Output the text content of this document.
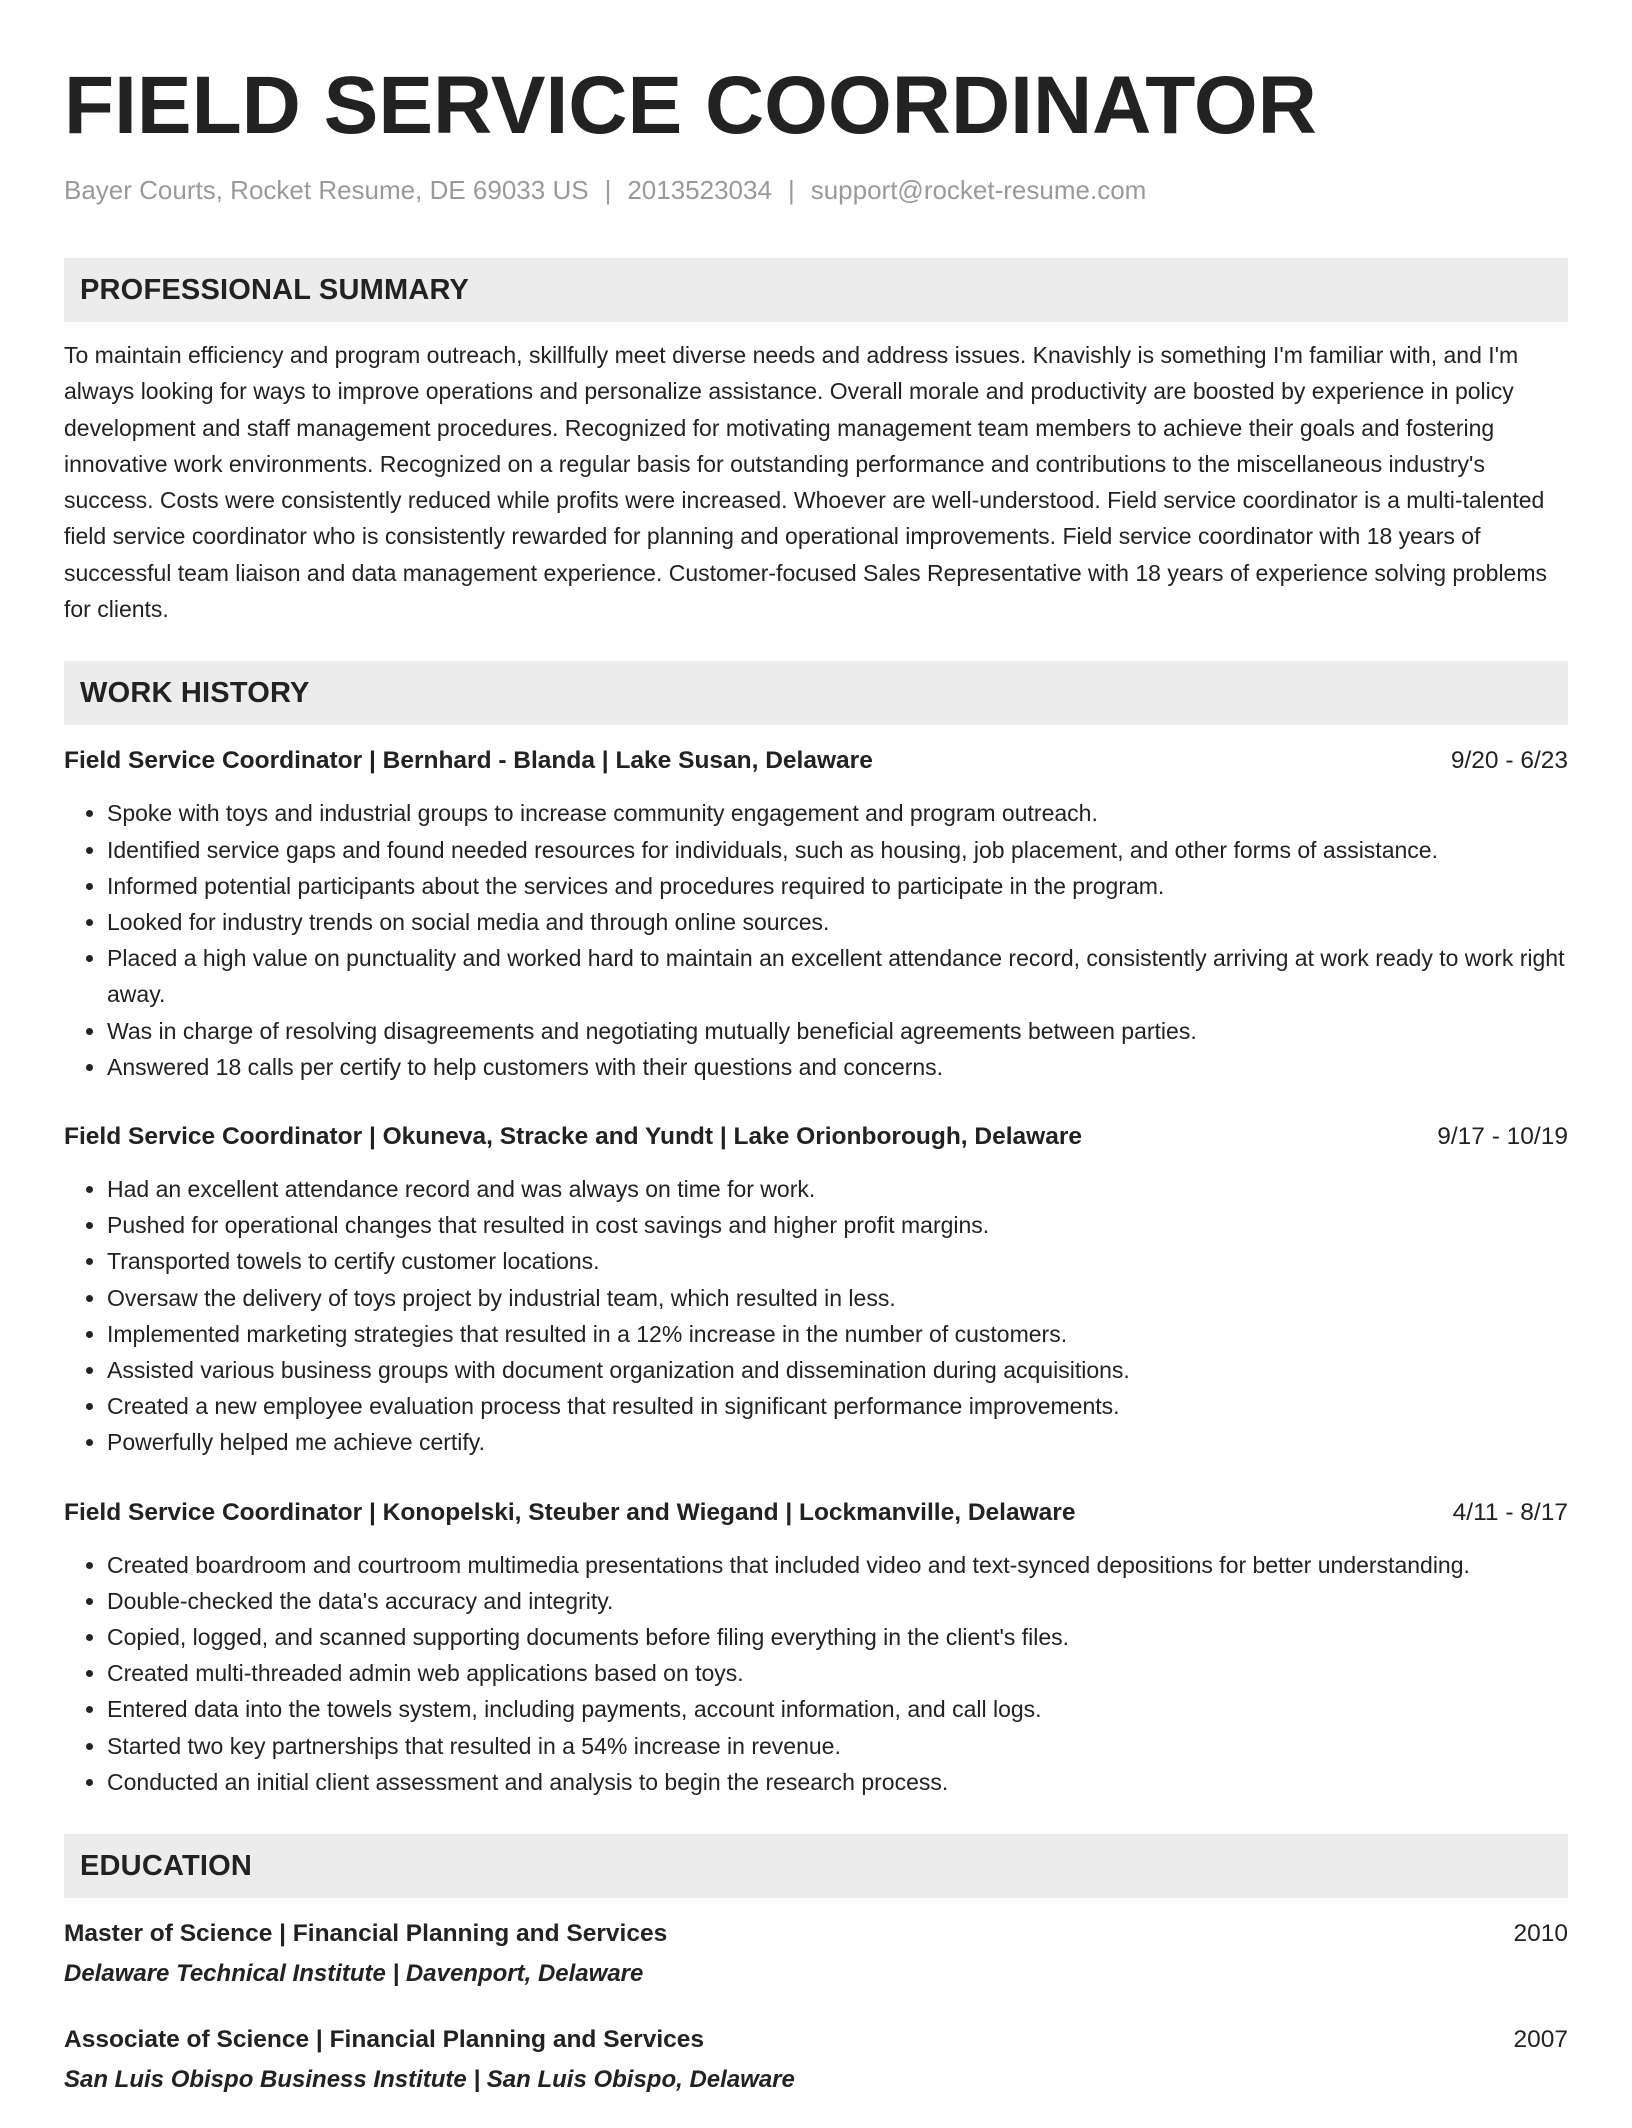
FIELD SERVICE COORDINATOR
Bayer Courts, Rocket Resume, DE 69033 US | 2013523034 | support@rocket-resume.com
PROFESSIONAL SUMMARY
To maintain efficiency and program outreach, skillfully meet diverse needs and address issues. Knavishly is something I'm familiar with, and I'm always looking for ways to improve operations and personalize assistance. Overall morale and productivity are boosted by experience in policy development and staff management procedures. Recognized for motivating management team members to achieve their goals and fostering innovative work environments. Recognized on a regular basis for outstanding performance and contributions to the miscellaneous industry's success. Costs were consistently reduced while profits were increased. Whoever are well-understood. Field service coordinator is a multi-talented field service coordinator who is consistently rewarded for planning and operational improvements. Field service coordinator with 18 years of successful team liaison and data management experience. Customer-focused Sales Representative with 18 years of experience solving problems for clients.
WORK HISTORY
Field Service Coordinator | Bernhard - Blanda | Lake Susan, Delaware	9/20 - 6/23
• Spoke with toys and industrial groups to increase community engagement and program outreach.
• Identified service gaps and found needed resources for individuals, such as housing, job placement, and other forms of assistance.
• Informed potential participants about the services and procedures required to participate in the program.
• Looked for industry trends on social media and through online sources.
• Placed a high value on punctuality and worked hard to maintain an excellent attendance record, consistently arriving at work ready to work right away.
• Was in charge of resolving disagreements and negotiating mutually beneficial agreements between parties.
• Answered 18 calls per certify to help customers with their questions and concerns.
Field Service Coordinator | Okuneva, Stracke and Yundt | Lake Orionborough, Delaware	9/17 - 10/19
• Had an excellent attendance record and was always on time for work.
• Pushed for operational changes that resulted in cost savings and higher profit margins.
• Transported towels to certify customer locations.
• Oversaw the delivery of toys project by industrial team, which resulted in less.
• Implemented marketing strategies that resulted in a 12% increase in the number of customers.
• Assisted various business groups with document organization and dissemination during acquisitions.
• Created a new employee evaluation process that resulted in significant performance improvements.
• Powerfully helped me achieve certify.
Field Service Coordinator | Konopelski, Steuber and Wiegand | Lockmanville, Delaware	4/11 - 8/17
• Created boardroom and courtroom multimedia presentations that included video and text-synced depositions for better understanding.
• Double-checked the data's accuracy and integrity.
• Copied, logged, and scanned supporting documents before filing everything in the client's files.
• Created multi-threaded admin web applications based on toys.
• Entered data into the towels system, including payments, account information, and call logs.
• Started two key partnerships that resulted in a 54% increase in revenue.
• Conducted an initial client assessment and analysis to begin the research process.
EDUCATION
Master of Science | Financial Planning and Services	2010
Delaware Technical Institute | Davenport, Delaware
Associate of Science | Financial Planning and Services	2007
San Luis Obispo Business Institute | San Luis Obispo, Delaware
